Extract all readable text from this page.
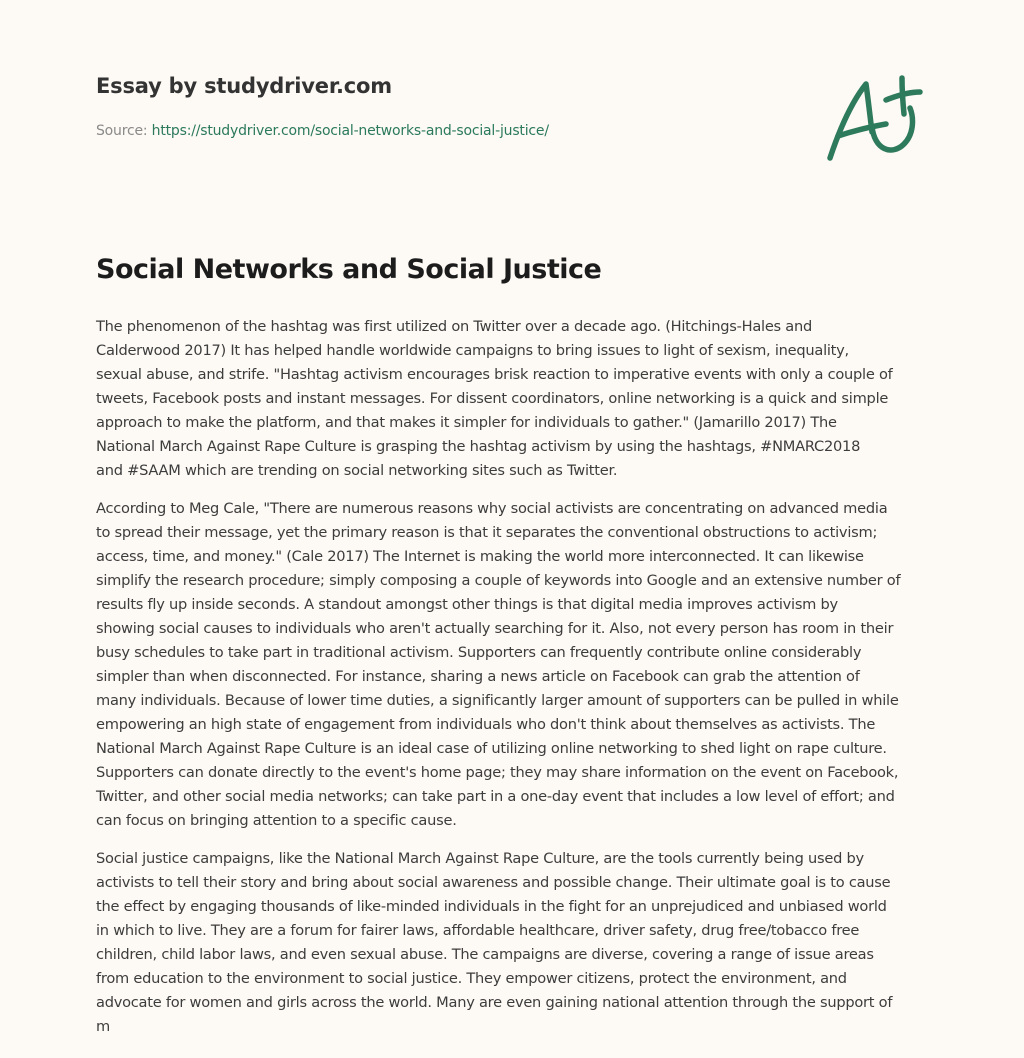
Essay by studydriver.com
Source: https://studydriver.com/social-networks-and-social-justice/
Social Networks and Social Justice

The phenomenon of the hashtag was first utilized on Twitter over a decade ago. (Hitchings-Hales and
Calderwood 2017) It has helped handle worldwide campaigns to bring issues to light of sexism, inequality,
sexual abuse, and strife. "Hashtag activism encourages brisk reaction to imperative events with only a couple of
tweets, Facebook posts and instant messages. For dissent coordinators, online networking is a quick and simple
approach to make the platform, and that makes it simpler for individuals to gather." (Jamarillo 2017) The
National March Against Rape Culture is grasping the hashtag activism by using the hashtags, #NMARC2018
and #SAAM which are trending on social networking sites such as Twitter.

According to Meg Cale, "There are numerous reasons why social activists are concentrating on advanced media
to spread their message, yet the primary reason is that it separates the conventional obstructions to activism;
access, time, and money." (Cale 2017) The Internet is making the world more interconnected. It can likewise
simplify the research procedure; simply composing a couple of keywords into Google and an extensive number of
results fly up inside seconds. A standout amongst other things is that digital media improves activism by
showing social causes to individuals who aren't actually searching for it. Also, not every person has room in their
busy schedules to take part in traditional activism. Supporters can frequently contribute online considerably
simpler than when disconnected. For instance, sharing a news article on Facebook can grab the attention of
many individuals. Because of lower time duties, a significantly larger amount of supporters can be pulled in while
empowering an high state of engagement from individuals who don't think about themselves as activists. The
National March Against Rape Culture is an ideal case of utilizing online networking to shed light on rape culture.
Supporters can donate directly to the event's home page; they may share information on the event on Facebook,
Twitter, and other social media networks; can take part in a one-day event that includes a low level of effort; and
can focus on bringing attention to a specific cause.

Social justice campaigns, like the National March Against Rape Culture, are the tools currently being used by
activists to tell their story and bring about social awareness and possible change. Their ultimate goal is to cause
the effect by engaging thousands of like-minded individuals in the fight for an unprejudiced and unbiased world
in which to live. They are a forum for fairer laws, affordable healthcare, driver safety, drug free/tobacco free
children, child labor laws, and even sexual abuse. The campaigns are diverse, covering a range of issue areas
from education to the environment to social justice. They empower citizens, protect the environment, and
advocate for women and girls across the world. Many are even gaining national attention through the support of
m
